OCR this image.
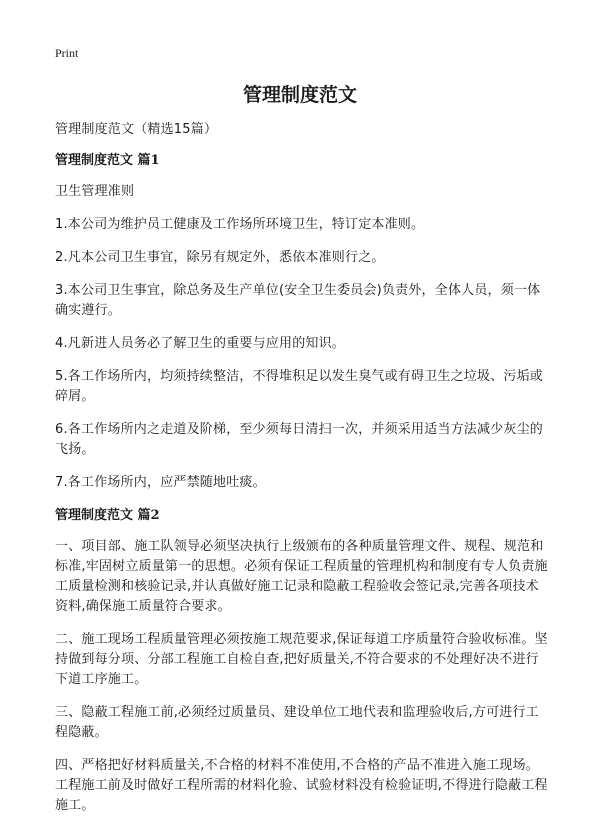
Print
管理制度范文

管理制度范文（精选15篇）

管理制度范文 篇1

卫生管理准则

1.本公司为维护员工健康及工作场所环境卫生，特订定本准则。

2.凡本公司卫生事宜，除另有规定外，悉依本准则行之。

3.本公司卫生事宜，除总务及生产单位(安全卫生委员会)负责外，全体人员，须一体确实遵行。

4.凡新进人员务必了解卫生的重要与应用的知识。

5.各工作场所内，均须持续整洁，不得堆积足以发生臭气或有碍卫生之垃圾、污垢或碎屑。

6.各工作场所内之走道及阶梯，至少须每日清扫一次，并须采用适当方法减少灰尘的飞扬。

7.各工作场所内，应严禁随地吐痰。

管理制度范文 篇2

一、项目部、施工队领导必须坚决执行上级颁布的各种质量管理文件、规程、规范和标准,牢固树立质量第一的思想。必须有保证工程质量的管理机构和制度有专人负责施工质量检测和核验记录,并认真做好施工记录和隐蔽工程验收会签记录,完善各项技术资料,确保施工质量符合要求。

二、施工现场工程质量管理必须按施工规范要求,保证每道工序质量符合验收标准。坚持做到每分项、分部工程施工自检自查,把好质量关,不符合要求的不处理好决不进行下道工序施工。

三、隐蔽工程施工前,必须经过质量员、建设单位工地代表和监理验收后,方可进行工程隐蔽。

四、严格把好材料质量关,不合格的材料不准使用,不合格的产品不准进入施工现场。工程施工前及时做好工程所需的材料化验、试验材料没有检验证明,不得进行隐蔽工程施工。
